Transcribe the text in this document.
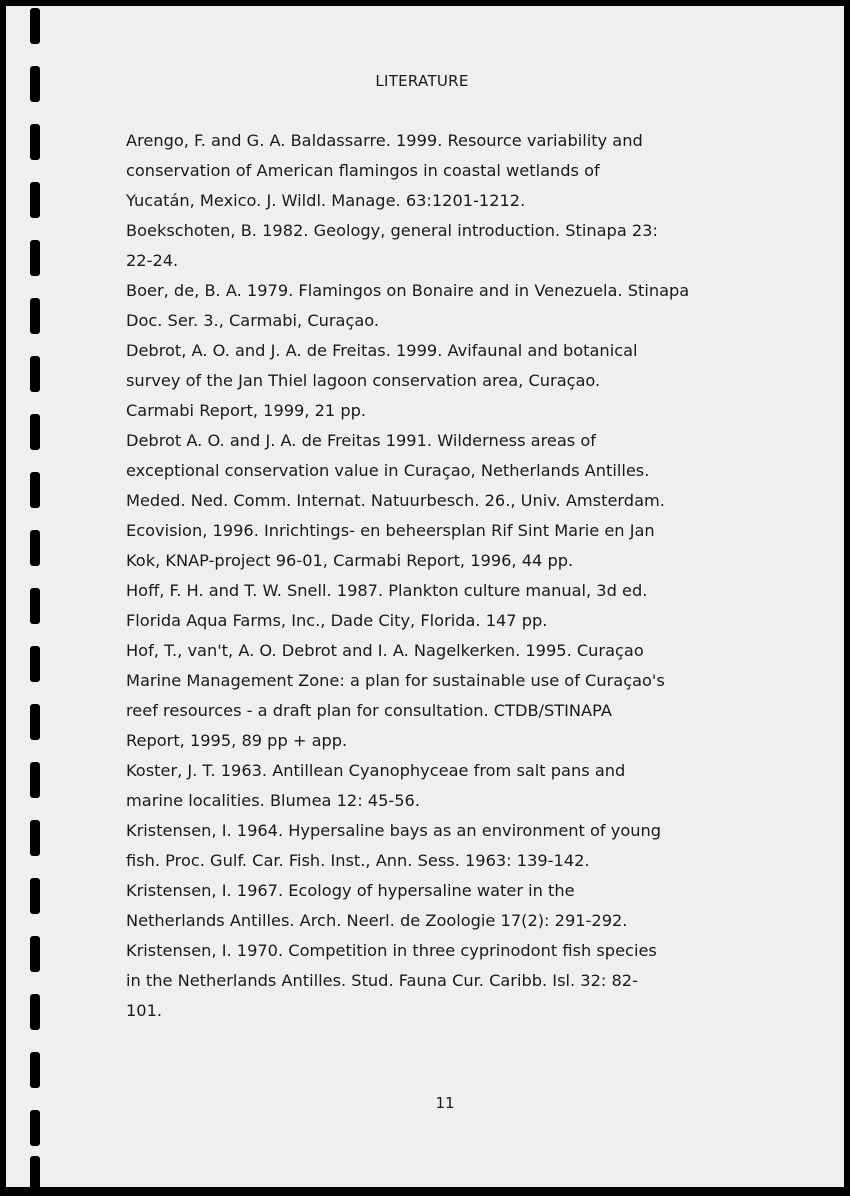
LITERATURE

Arengo, F. and G. A. Baldassarre. 1999. Resource variability and
conservation of American flamingos in coastal wetlands of
Yucatán, Mexico. J. Wildl. Manage. 63:1201-1212.

Boekschoten, B. 1982. Geology, general introduction. Stinapa 23:
22-24.

Boer, de, B. A. 1979. Flamingos on Bonaire and in Venezuela. Stinapa
Doc. Ser. 3., Carmabi, Curaçao.

Debrot, A. O. and J. A. de Freitas. 1999. Avifaunal and botanical
survey of the Jan Thiel lagoon conservation area, Curaçao.
Carmabi Report, 1999, 21 pp.

Debrot A. O. and J. A. de Freitas 1991. Wilderness areas of
exceptional conservation value in Curaçao, Netherlands Antilles.
Meded. Ned. Comm. Internat. Natuurbesch. 26., Univ. Amsterdam.

Ecovision, 1996. Inrichtings- en beheersplan Rif Sint Marie en Jan
Kok, KNAP-project 96-01, Carmabi Report, 1996, 44 pp.

Hoff, F. H. and T. W. Snell. 1987. Plankton culture manual, 3d ed.
Florida Aqua Farms, Inc., Dade City, Florida. 147 pp.

Hof, T., van't, A. O. Debrot and I. A. Nagelkerken. 1995. Curaçao
Marine Management Zone: a plan for sustainable use of Curaçao's
reef resources - a draft plan for consultation. CTDB/STINAPA
Report, 1995, 89 pp + app.

Koster, J. T. 1963. Antillean Cyanophyceae from salt pans and
marine localities. Blumea 12: 45-56.

Kristensen, I. 1964. Hypersaline bays as an environment of young
fish. Proc. Gulf. Car. Fish. Inst., Ann. Sess. 1963: 139-142.

Kristensen, I. 1967. Ecology of hypersaline water in the
Netherlands Antilles. Arch. Neerl. de Zoologie 17(2): 291-292.

Kristensen, I. 1970. Competition in three cyprinodont fish species
in the Netherlands Antilles. Stud. Fauna Cur. Caribb. Isl. 32: 82-
101.

11
